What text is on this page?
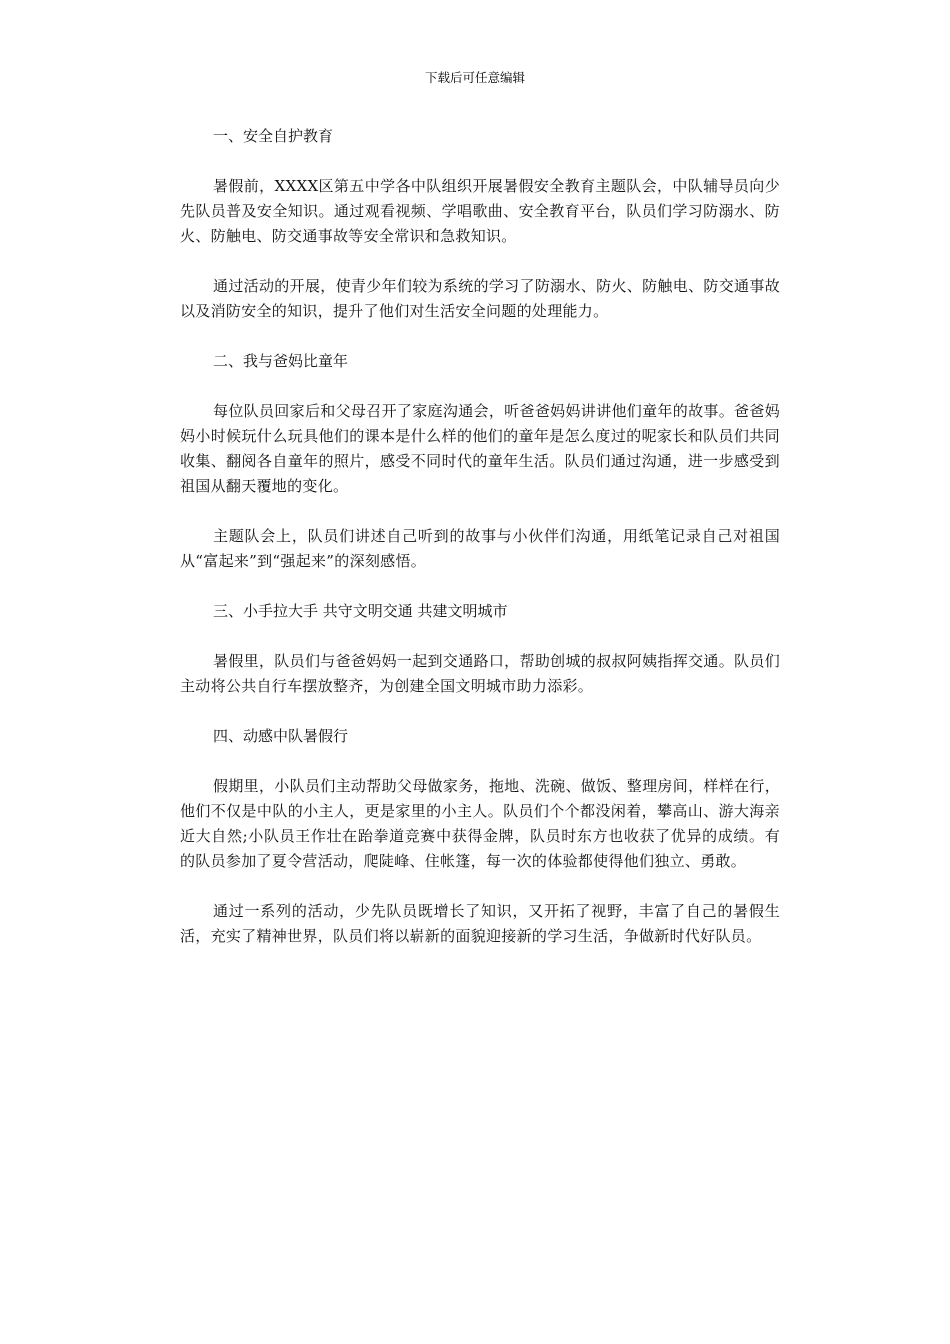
下载后可任意编辑

一、安全自护教育

暑假前，XXXX区第五中学各中队组织开展暑假安全教育主题队会，中队辅导员向少先队员普及安全知识。通过观看视频、学唱歌曲、安全教育平台，队员们学习防溺水、防火、防触电、防交通事故等安全常识和急救知识。

通过活动的开展，使青少年们较为系统的学习了防溺水、防火、防触电、防交通事故以及消防安全的知识，提升了他们对生活安全问题的处理能力。

二、我与爸妈比童年

每位队员回家后和父母召开了家庭沟通会，听爸爸妈妈讲讲他们童年的故事。爸爸妈妈小时候玩什么玩具他们的课本是什么样的他们的童年是怎么度过的呢家长和队员们共同收集、翻阅各自童年的照片，感受不同时代的童年生活。队员们通过沟通，进一步感受到祖国从翻天覆地的变化。

主题队会上，队员们讲述自己听到的故事与小伙伴们沟通，用纸笔记录自己对祖国从“富起来”到“强起来”的深刻感悟。

三、小手拉大手 共守文明交通 共建文明城市

暑假里，队员们与爸爸妈妈一起到交通路口，帮助创城的叔叔阿姨指挥交通。队员们主动将公共自行车摆放整齐，为创建全国文明城市助力添彩。

四、动感中队暑假行

假期里，小队员们主动帮助父母做家务，拖地、洗碗、做饭、整理房间，样样在行，他们不仅是中队的小主人，更是家里的小主人。队员们个个都没闲着，攀高山、游大海亲近大自然;小队员王作壮在跆拳道竞赛中获得金牌，队员时东方也收获了优异的成绩。有的队员参加了夏令营活动，爬陡峰、住帐篷，每一次的体验都使得他们独立、勇敢。

通过一系列的活动，少先队员既增长了知识，又开拓了视野，丰富了自己的暑假生活，充实了精神世界，队员们将以崭新的面貌迎接新的学习生活，争做新时代好队员。
